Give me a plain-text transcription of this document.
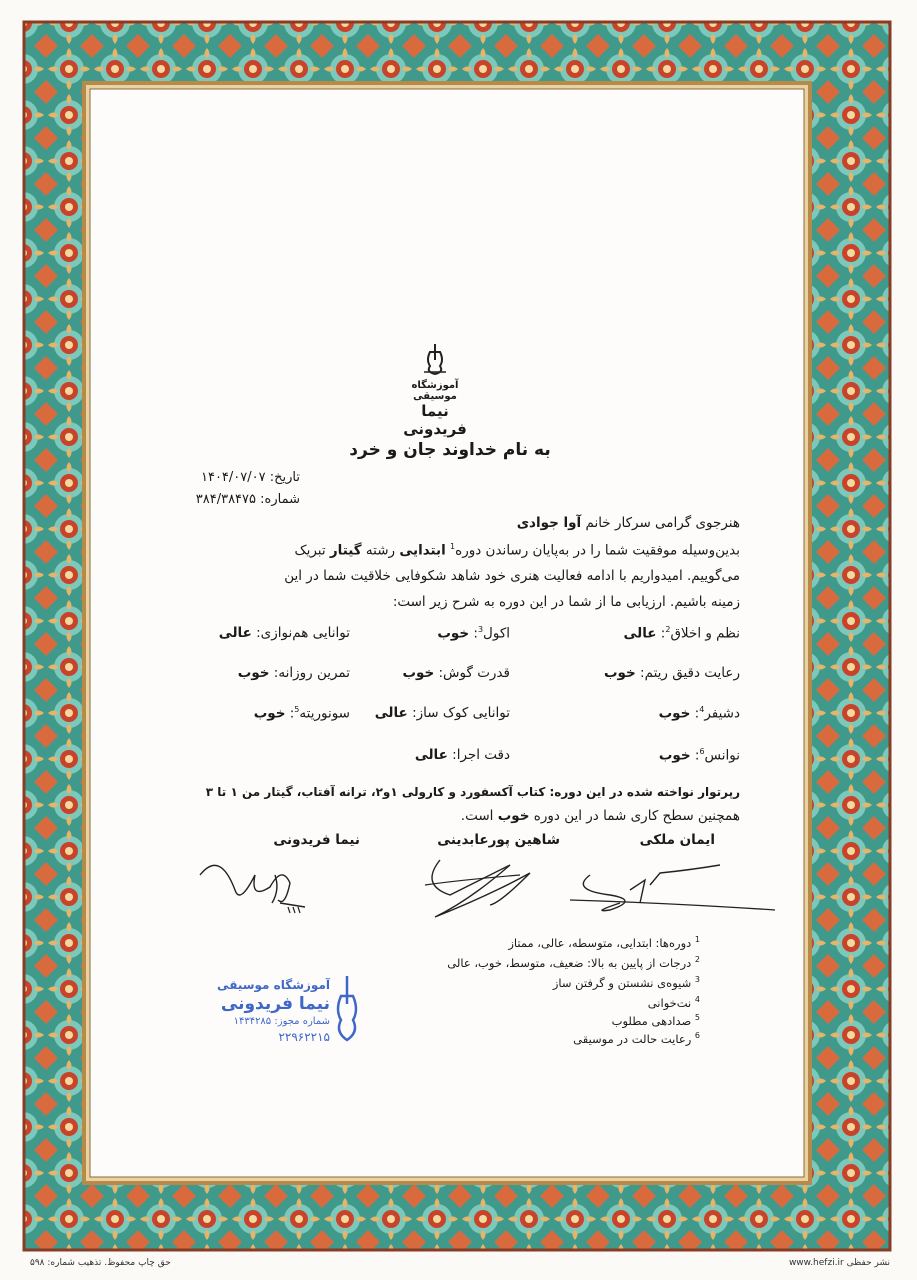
آموزشگاه موسیقی
نیما فریدونی
به نام خداوند جان و خرد
تاریخ: ۱۴۰۴/۰۷/۰۷
شماره: ۳۸۴/۳۸۴۷۵
هنرجوی گرامی سرکار خانم آوا جوادی
بدین‌وسیله موفقیت شما را در به‌پایان رساندن دوره$^1$ ابتدایی رشته گیتار تبریک
می‌گوییم. امیدواریم با ادامه فعالیت هنری خود شاهد شکوفایی خلاقیت شما در این
زمینه باشیم. ارزیابی ما از شما در این دوره به شرح زیر است:
نظم و اخلاق$^2$: عالی
اکول$^3$: خوب
توانایی هم‌نوازی: عالی
رعایت دقیق ریتم: خوب
قدرت گوش: خوب
تمرین روزانه: خوب
دشیفر$^4$: خوب
توانایی کوک ساز: عالی
سونوریته$^5$: خوب
نوانس$^6$: خوب
دقت اجرا: عالی
رپرتوار نواخته شده در این دوره: کتاب آکسفورد و کارولی ۱و۲، ترانه آفتاب، گیتار من ۱ تا ۳
همچنین سطح کاری شما در این دوره خوب است.
ایمان ملکی
شاهین پورعابدینی
نیما فریدونی
$^1$ دوره‌ها: ابتدایی، متوسطه، عالی، ممتاز
$^2$ درجات از پایین به بالا: ضعیف، متوسط، خوب، عالی
$^3$ شیوه‌ی نشستن و گرفتن ساز
$^4$ نت‌خوانی
$^5$ صدادهی مطلوب
$^6$ رعایت حالت در موسیقی
آموزشگاه موسیقی
نیما فریدونی
شماره مجوز: ۱۴۳۴۲۸۵
۲۲۹۶۲۲۱۵
حق چاپ محفوظ. تذهیب شماره: ۵۹۸	نشر حفظی www.hefzi.ir
